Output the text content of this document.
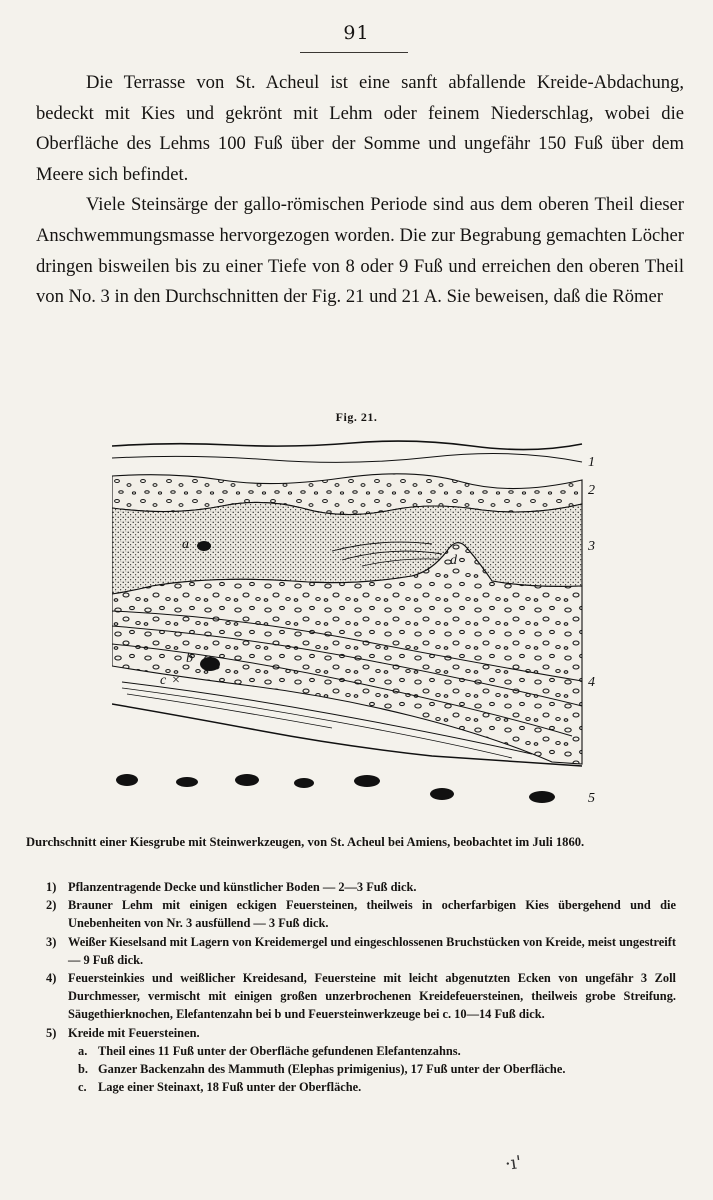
91

Die Terrasse von St. Acheul ist eine sanft abfallende Kreide-Abdachung, bedeckt mit Kies und gekrönt mit Lehm oder feinem Niederschlag, wobei die Oberfläche des Lehms 100 Fuß über der Somme und ungefähr 150 Fuß über dem Meere sich befindet.

Viele Steinsärge der gallo-römischen Periode sind aus dem oberen Theil dieser Anschwemmungsmasse hervorgezogen worden. Die zur Begrabung gemachten Löcher dringen bisweilen bis zu einer Tiefe von 8 oder 9 Fuß und erreichen den oberen Theil von No. 3 in den Durchschnitten der Fig. 21 und 21 A. Sie beweisen, daß die Römer

Fig. 21.
a
d
b
c ×
1
2
3
4
5
Durchschnitt einer Kiesgrube mit Steinwerkzeugen, von St. Acheul bei Amiens, beobachtet im Juli 1860.
1) Pflanzentragende Decke und künstlicher Boden — 2—3 Fuß dick.
2) Brauner Lehm mit einigen eckigen Feuersteinen, theilweis in ocherfarbigen Kies übergehend und die Unebenheiten von Nr. 3 ausfüllend — 3 Fuß dick.
3) Weißer Kieselsand mit Lagern von Kreidemergel und eingeschlossenen Bruchstücken von Kreide, meist ungestreift — 9 Fuß dick.
4) Feuersteinkies und weißlicher Kreidesand, Feuersteine mit leicht abgenutzten Ecken von ungefähr 3 Zoll Durchmesser, vermischt mit einigen großen unzerbrochenen Kreidefeuersteinen, theilweis grobe Streifung. Säugethierknochen, Elefantenzahn bei b und Feuersteinwerkzeuge bei c. 10—14 Fuß dick.
5) Kreide mit Feuersteinen.
a. Theil eines 11 Fuß unter der Oberfläche gefundenen Elefantenzahns.
b. Ganzer Backenzahn des Mammuth (Elephas primigenius), 17 Fuß unter der Oberfläche.
c. Lage einer Steinaxt, 18 Fuß unter der Oberfläche.
·ı'
